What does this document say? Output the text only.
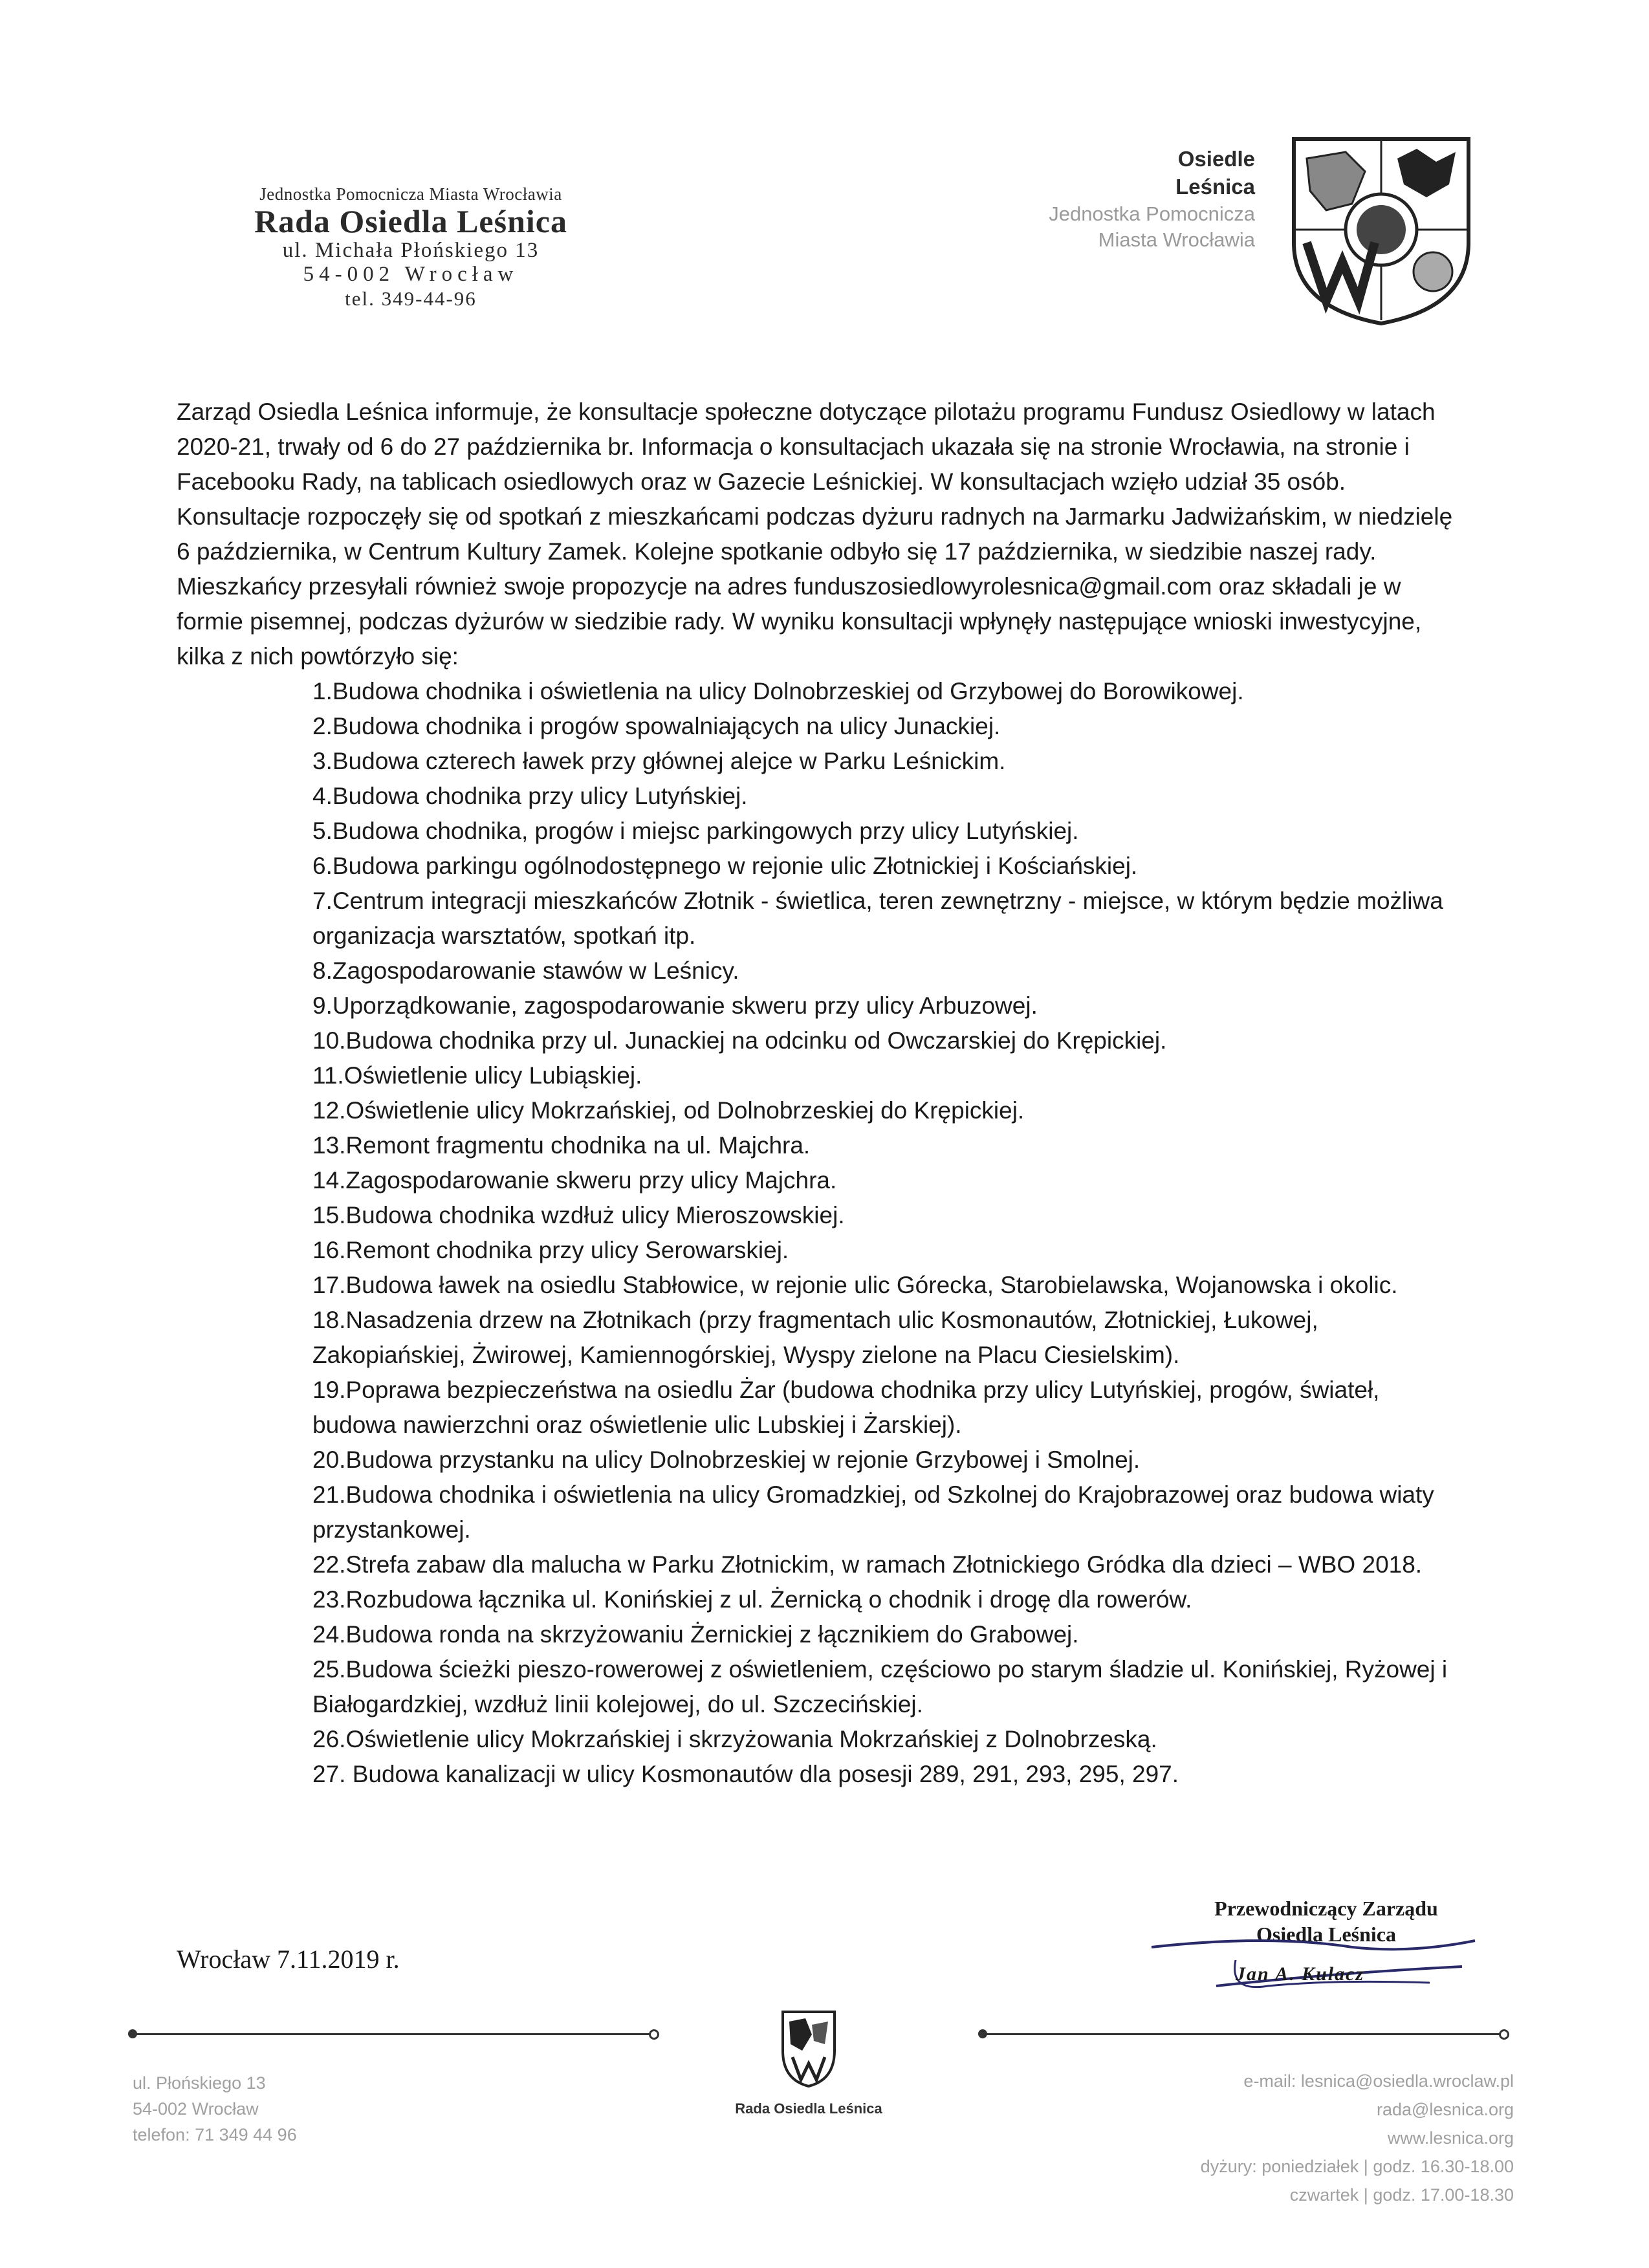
Jednostka Pomocnicza Miasta Wrocławia
Rada Osiedla Leśnica
ul. Michała Płońskiego 13
54-002 Wrocław
tel. 349-44-96
Osiedle
Leśnica
Jednostka Pomocnicza
Miasta Wrocławia

Zarząd Osiedla Leśnica informuje, że konsultacje społeczne dotyczące pilotażu programu Fundusz Osiedlowy w latach 2020-21, trwały od 6 do 27 października br. Informacja o konsultacjach ukazała się na stronie Wrocławia, na stronie i Facebooku Rady, na tablicach osiedlowych oraz w Gazecie Leśnickiej. W konsultacjach wzięło udział 35 osób. Konsultacje rozpoczęły się od spotkań z mieszkańcami podczas dyżuru radnych na Jarmarku Jadwiżańskim, w niedzielę 6 października, w Centrum Kultury Zamek. Kolejne spotkanie odbyło się 17 października, w siedzibie naszej rady. Mieszkańcy przesyłali również swoje propozycje na adres funduszosiedlowyrolesnica@gmail.com oraz składali je w formie pisemnej, podczas dyżurów w siedzibie rady. W wyniku konsultacji wpłynęły następujące wnioski inwestycyjne, kilka z nich powtórzyło się:

1.Budowa chodnika i oświetlenia na ulicy Dolnobrzeskiej od Grzybowej do Borowikowej.
2.Budowa chodnika i progów spowalniających na ulicy Junackiej.
3.Budowa czterech ławek przy głównej alejce w Parku Leśnickim.
4.Budowa chodnika przy ulicy Lutyńskiej.
5.Budowa chodnika, progów i miejsc parkingowych przy ulicy Lutyńskiej.
6.Budowa parkingu ogólnodostępnego w rejonie ulic Złotnickiej i Kościańskiej.
7.Centrum integracji mieszkańców Złotnik - świetlica, teren zewnętrzny - miejsce, w którym będzie możliwa organizacja warsztatów, spotkań itp.
8.Zagospodarowanie stawów w Leśnicy.
9.Uporządkowanie, zagospodarowanie skweru przy ulicy Arbuzowej.
10.Budowa chodnika przy ul. Junackiej na odcinku od Owczarskiej do Krępickiej.
11.Oświetlenie ulicy Lubiąskiej.
12.Oświetlenie ulicy Mokrzańskiej, od Dolnobrzeskiej do Krępickiej.
13.Remont fragmentu chodnika na ul. Majchra.
14.Zagospodarowanie skweru przy ulicy Majchra.
15.Budowa chodnika wzdłuż ulicy Mieroszowskiej.
16.Remont chodnika przy ulicy Serowarskiej.
17.Budowa ławek na osiedlu Stabłowice, w rejonie ulic Górecka, Starobielawska, Wojanowska i okolic.
18.Nasadzenia drzew na Złotnikach (przy fragmentach ulic Kosmonautów, Złotnickiej, Łukowej, Zakopiańskiej, Żwirowej, Kamiennogórskiej, Wyspy zielone na Placu Ciesielskim).
19.Poprawa bezpieczeństwa na osiedlu Żar (budowa chodnika przy ulicy Lutyńskiej, progów, świateł, budowa nawierzchni oraz oświetlenie ulic Lubskiej i Żarskiej).
20.Budowa przystanku na ulicy Dolnobrzeskiej w rejonie Grzybowej i Smolnej.
21.Budowa chodnika i oświetlenia na ulicy Gromadzkiej, od Szkolnej do Krajobrazowej oraz budowa wiaty przystankowej.
22.Strefa zabaw dla malucha w Parku Złotnickim, w ramach Złotnickiego Gródka dla dzieci – WBO 2018.
23.Rozbudowa łącznika ul. Konińskiej z ul. Żernicką o chodnik i drogę dla rowerów.
24.Budowa ronda na skrzyżowaniu Żernickiej z łącznikiem do Grabowej.
25.Budowa ścieżki pieszo-rowerowej z oświetleniem, częściowo po starym śladzie ul. Konińskiej, Ryżowej i Białogardzkiej, wzdłuż linii kolejowej, do ul. Szczecińskiej.
26.Oświetlenie ulicy Mokrzańskiej i skrzyżowania Mokrzańskiej z Dolnobrzeską.
27. Budowa kanalizacji w ulicy Kosmonautów dla posesji 289, 291, 293, 295, 297.
Wrocław 7.11.2019 r.
Przewodniczący Zarządu
Osiedla Leśnica
Jan A. Kulacz
ul. Płońskiego 13
54-002 Wrocław
telefon: 71 349 44 96
Rada Osiedla Leśnica
e-mail: lesnica@osiedla.wroclaw.pl
rada@lesnica.org
www.lesnica.org
dyżury: poniedziałek | godz. 16.30-18.00
czwartek | godz. 17.00-18.30
